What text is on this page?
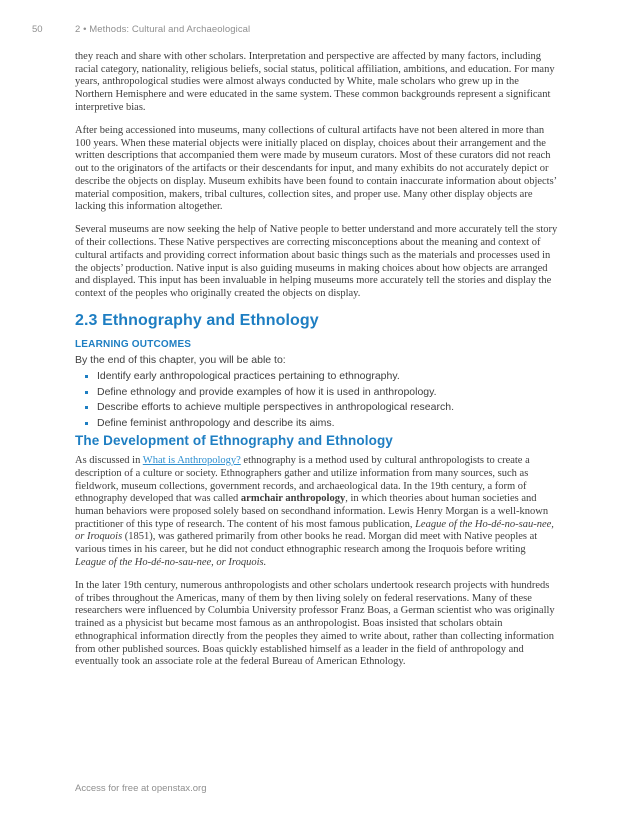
50	2 • Methods: Cultural and Archaeological

they reach and share with other scholars. Interpretation and perspective are affected by many factors, including racial category, nationality, religious beliefs, social status, political affiliation, ambitions, and education. For many years, anthropological studies were almost always conducted by White, male scholars who grew up in the Northern Hemisphere and were educated in the same system. These common backgrounds represent a significant interpretive bias.

After being accessioned into museums, many collections of cultural artifacts have not been altered in more than 100 years. When these material objects were initially placed on display, choices about their arrangement and the written descriptions that accompanied them were made by museum curators. Most of these curators did not reach out to the originators of the artifacts or their descendants for input, and many exhibits do not accurately depict or describe the objects on display. Museum exhibits have been found to contain inaccurate information about objects’ material composition, makers, tribal cultures, collection sites, and proper use. Many other display objects are lacking this information altogether.

Several museums are now seeking the help of Native people to better understand and more accurately tell the story of their collections. These Native perspectives are correcting misconceptions about the meaning and context of cultural artifacts and providing correct information about basic things such as the materials and processes used in the objects’ production. Native input is also guiding museums in making choices about how objects are arranged and displayed. This input has been invaluable in helping museums more accurately tell the stories and display the context of the peoples who originally created the objects on display.

2.3 Ethnography and Ethnology
LEARNING OUTCOMES

By the end of this chapter, you will be able to:

Identify early anthropological practices pertaining to ethnography.
Define ethnology and provide examples of how it is used in anthropology.
Describe efforts to achieve multiple perspectives in anthropological research.
Define feminist anthropology and describe its aims.
The Development of Ethnography and Ethnology

As discussed in What is Anthropology? ethnography is a method used by cultural anthropologists to create a description of a culture or society. Ethnographers gather and utilize information from many sources, such as fieldwork, museum collections, government records, and archaeological data. In the 19th century, a form of ethnography developed that was called armchair anthropology, in which theories about human societies and human behaviors were proposed solely based on secondhand information. Lewis Henry Morgan is a well-known practitioner of this type of research. The content of his most famous publication, League of the Ho-dé-no-sau-nee, or Iroquois (1851), was gathered primarily from other books he read. Morgan did meet with Native peoples at various times in his career, but he did not conduct ethnographic research among the Iroquois before writing League of the Ho-dé-no-sau-nee, or Iroquois.

In the later 19th century, numerous anthropologists and other scholars undertook research projects with hundreds of tribes throughout the Americas, many of them by then living solely on federal reservations. Many of these researchers were influenced by Columbia University professor Franz Boas, a German scientist who was originally trained as a physicist but became most famous as an anthropologist. Boas insisted that scholars obtain ethnographical information directly from the peoples they aimed to write about, rather than collecting information from other published sources. Boas quickly established himself as a leader in the field of anthropology and eventually took an associate role at the federal Bureau of American Ethnology.

Access for free at openstax.org
